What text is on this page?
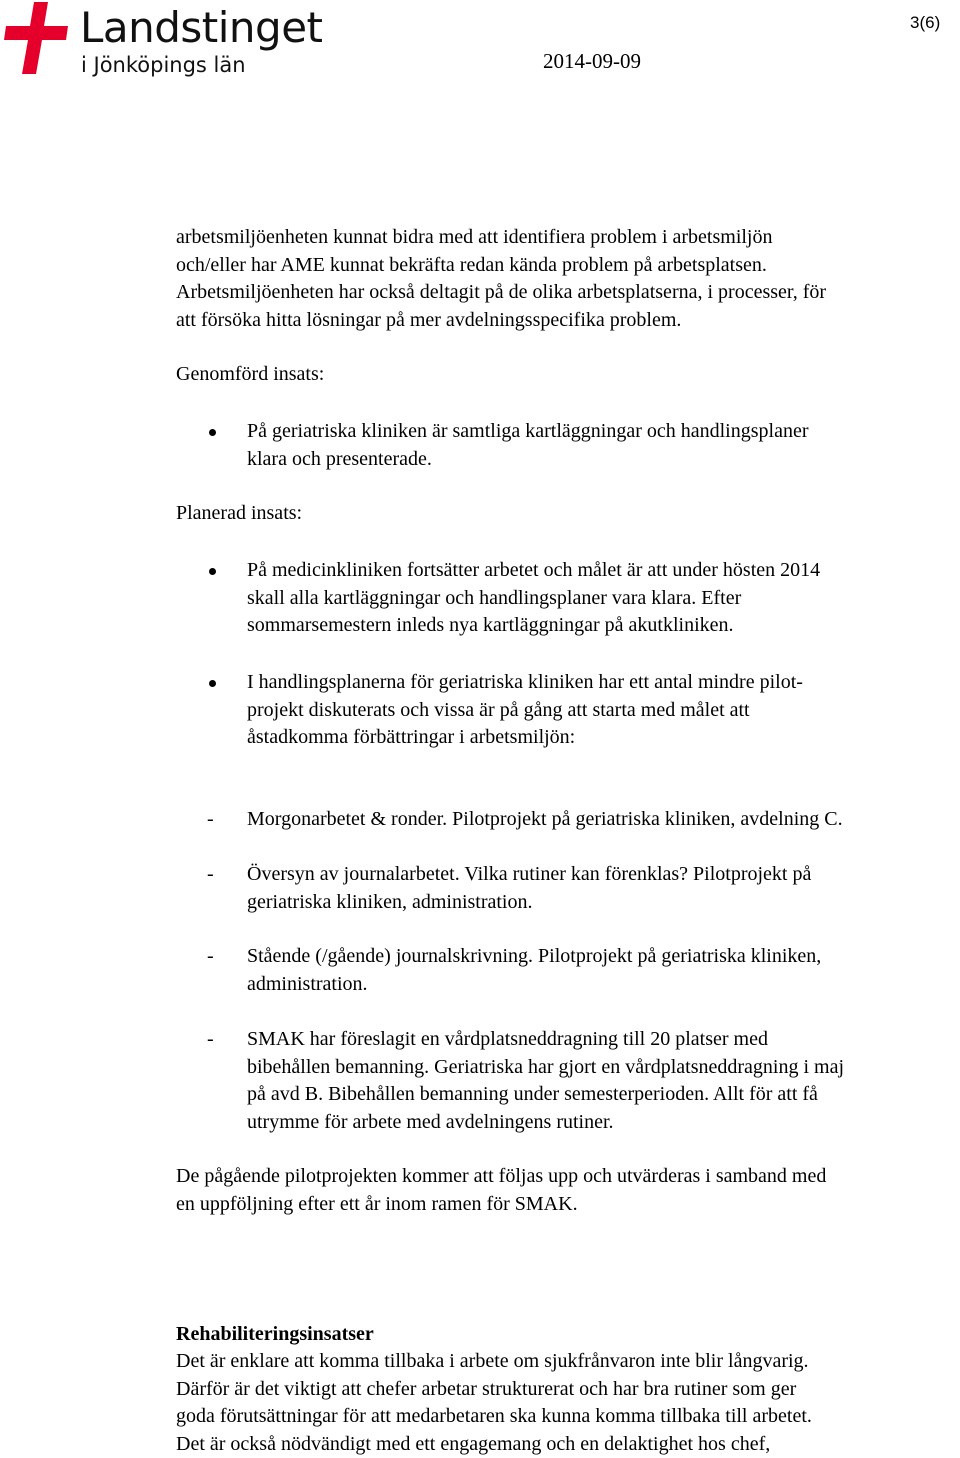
Landstinget
i Jönköpings län	2014-09-09
3(6)

arbetsmiljöenheten kunnat bidra med att identifiera problem i arbetsmiljön
och/eller har AME kunnat bekräfta redan kända problem på arbetsplatsen.
Arbetsmiljöenheten har också deltagit på de olika arbetsplatserna, i processer, för
att försöka hitta lösningar på mer avdelningsspecifika problem.

Genomförd insats:

På geriatriska kliniken är samtliga kartläggningar och handlingsplaner
klara och presenterade.

Planerad insats:

På medicinkliniken fortsätter arbetet och målet är att under hösten 2014
skall alla kartläggningar och handlingsplaner vara klara. Efter
sommarsemestern inleds nya kartläggningar på akutkliniken.

I handlingsplanerna för geriatriska kliniken har ett antal mindre pilot-
projekt diskuterats och vissa är på gång att starta med målet att
åstadkomma förbättringar i arbetsmiljön:

- Morgonarbetet & ronder. Pilotprojekt på geriatriska kliniken, avdelning C.

- Översyn av journalarbetet. Vilka rutiner kan förenklas? Pilotprojekt på
geriatriska kliniken, administration.

- Stående (/gående) journalskrivning. Pilotprojekt på geriatriska kliniken,
administration.

- SMAK har föreslagit en vårdplatsneddragning till 20 platser med
bibehållen bemanning. Geriatriska har gjort en vårdplatsneddragning i maj
på avd B. Bibehållen bemanning under semesterperioden. Allt för att få
utrymme för arbete med avdelningens rutiner.

De pågående pilotprojekten kommer att följas upp och utvärderas i samband med
en uppföljning efter ett år inom ramen för SMAK.

Rehabiliteringsinsatser

Det är enklare att komma tillbaka i arbete om sjukfrånvaron inte blir långvarig.
Därför är det viktigt att chefer arbetar strukturerat och har bra rutiner som ger
goda förutsättningar för att medarbetaren ska kunna komma tillbaka till arbetet.
Det är också nödvändigt med ett engagemang och en delaktighet hos chef,
